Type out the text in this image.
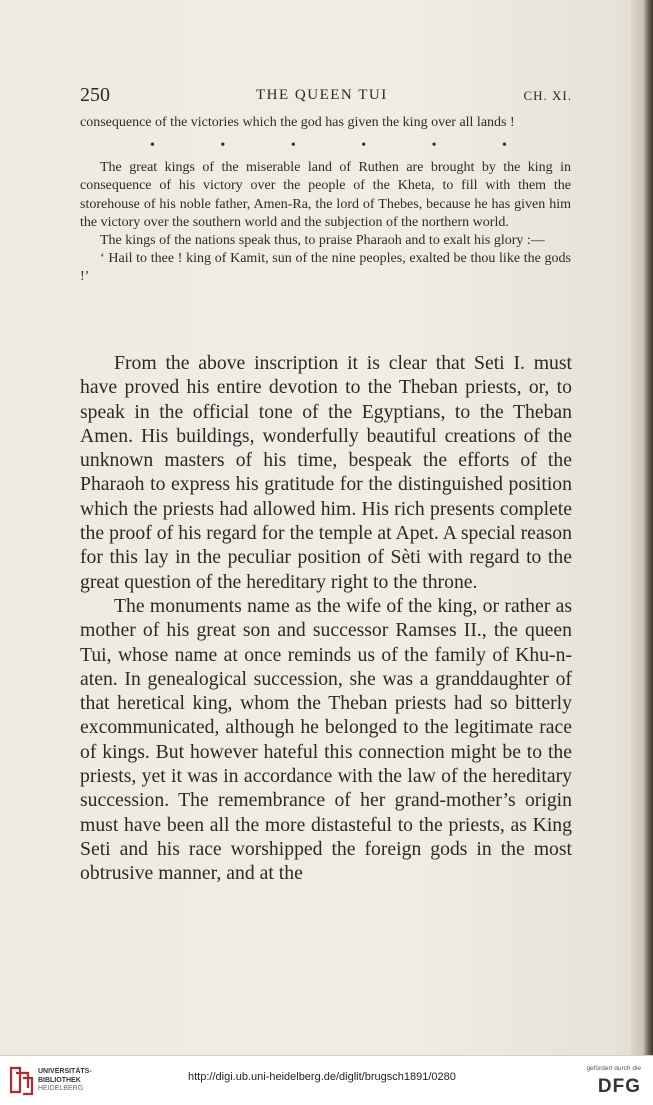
250	THE QUEEN TUI	CH. XI.

consequence of the victories which the god has given the king over all lands !

•	•	•	•	•	•

The great kings of the miserable land of Ruthen are brought by the king in consequence of his victory over the people of the Kheta, to fill with them the storehouse of his noble father, Amen-Ra, the lord of Thebes, because he has given him the victory over the southern world and the subjection of the northern world.

The kings of the nations speak thus, to praise Pharaoh and to exalt his glory :—

‘ Hail to thee ! king of Kamit, sun of the nine peoples, exalted be thou like the gods !’

From the above inscription it is clear that Seti I. must have proved his entire devotion to the Theban priests, or, to speak in the official tone of the Egyptians, to the Theban Amen. His buildings, wonderfully beautiful creations of the unknown masters of his time, bespeak the efforts of the Pharaoh to express his gratitude for the distinguished position which the priests had allowed him. His rich presents complete the proof of his regard for the temple at Apet. A special reason for this lay in the peculiar position of Sèti with regard to the great question of the hereditary right to the throne.

The monuments name as the wife of the king, or rather as mother of his great son and successor Ramses II., the queen Tui, whose name at once reminds us of the family of Khu-n-aten. In genealogical succession, she was a granddaughter of that heretical king, whom the Theban priests had so bitterly excommunicated, although he belonged to the legitimate race of kings. But however hateful this connection might be to the priests, yet it was in accordance with the law of the hereditary succession. The remembrance of her grand-mother’s origin must have been all the more distasteful to the priests, as King Seti and his race worshipped the foreign gods in the most obtrusive manner, and at the

UNIVERSITÄTS-
BIBLIOTHEK
HEIDELBERG
http://digi.ub.uni-heidelberg.de/diglit/brugsch1891/0280
gefördert durch die
DFG
